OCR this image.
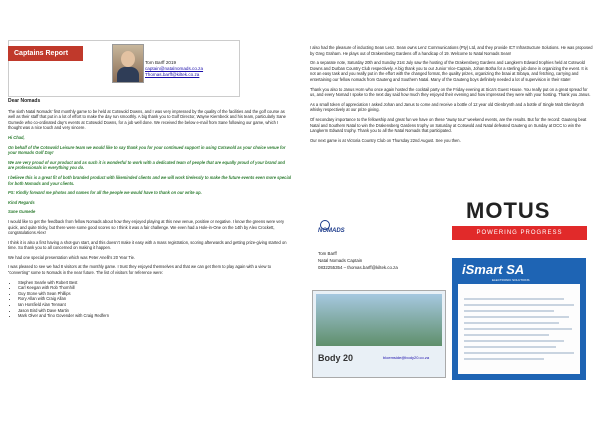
Captains Report
Tom Barff 2019
captain@natalnomads.co.za
Thomas.barff@kiltek.co.za

Dear Nomads

The sixth Natal Nomads’ first monthly game to be held at Cotswold Downs, and I was very impressed by the quality of the facilities and the golf course as well as their staff that put in a lot of effort to make the day run smoothly. A big thank you to Golf Director, Wayne Kiernbeck and his team, particularly Sane Gumede who co-ordinated day’s events at Cotswold Downs, for a job well done. We received the below e-mail from Sane following our game, which I thought was a nice touch and very sincere.

Hi Chad,

On behalf of the Cotswold Leisure team we would like to say thank you for your continued support in using Cotswold as your choice venue for your Nomads Golf Day!

We are very proud of our product and as such it is wonderful to work with a dedicated team of people that are equally proud of your brand and are professionals in everything you do.

I believe this is a great fit of both branded product with likeminded clients and we will work tirelessly to make the future events even more special for both Nomads and your clients.

PS: Kindly forward me photos and names for all the people we would have to thank on our write up.

Kind Regards

Sane Gumede

I would like to get the feedback from fellow Nomads about how they enjoyed playing at this new venue, positive or negative. I know the greens were very quick, and quite tricky, but there were some good scores so I think it was a fair challenge. We even had a Hole-in-One on the 14th by Alex Crockett, congratulations Alex!

I think it is also a first having a shot-gun start, and this doesn’t make it easy with a mass registration, scoring afterwards and getting prize-giving started on time. So thank you to all concerned on making it happen.

We had one special presentation which was Peter Anelli’s 20 Year Tie.

I was pleased to see we had 8 visitors at the monthly game. I trust they enjoyed themselves and that we can get them to play again with a view to “converting” some to Nomads in the near future. The list of visitors for reference were:

• Stephen Searle with Robert Best
• Carl Keegan with Rob Thornhill
• Guy Stone with Sean Phillips
• Rory Allan with Craig Allan
• Ian Horsfield Alan Tennant
• Jason Bird with Dave Martin
• Mark Olver and Tino Govender with Craig Redfern

I also had the pleasure of inducting Sean Lenz. Sean owns Lenz Communications (Pty) Ltd, and they provide ICT Infrastructure Solutions. He was proposed by Greg Graham. He plays out of Drakensberg Gardens off a handicap of 19. Welcome to Natal Nomads Sean!

On a separate note, Saturday 20th and Sunday 21st July saw the hosting of the Drakensberg Gardens and Langkerm Edward trophies held at Cotswold Downs and Durban Country Club respectively. A big thank you to our Junior Vice-Captain, Johan Botha for a sterling job done in organizing the event. It is not an easy task and you really put in the effort with the changed format, the quality prizes, organizing the braai at Sibaya, and fetching, carrying and entertaining our fellow nomads from Gauteng and Southern Natal. Many of the Gauteng boys definitely needed a lot of supervision in their state!

Thank you also to Janus Horn who once again hosted the cocktail party on the Friday evening at Sica’s Guest House. You really put on a great spread for us, and every Nomad I spoke to the next day said how much they enjoyed their evening and how impressed they were with your hosting. Thank you Janus.

As a small token of appreciation I asked Johan and Janus to come and receive a bottle of 12 year old Glenbrynth and a bottle of Single Malt Glenbrynth whisky respectively at our prize giving.

Of secondary importance to the fellowship and great fun we have on these “away tour” weekend events, are the results. But for the record: Gauteng beat Natal and Southern Natal to win the Drakensberg Gardens trophy on Saturday at Cotswold and Natal defeated Gauteng on Sunday at DCC to win the Langkerm Edward trophy. Thank you to all the Natal Nomads that participated.

Our next game is at Victoria Country Club on Thursday 22nd August. See you then.

NOMADS
Tom Barff
Natal Nomads Captain
0832255354 – thomas.barff@kiltek.co.za
MOTUS
POWERING PROGRESS
Body 20	bloemside@body20.co.za
iSmart SA
ELECTRONIC SOLUTIONS
